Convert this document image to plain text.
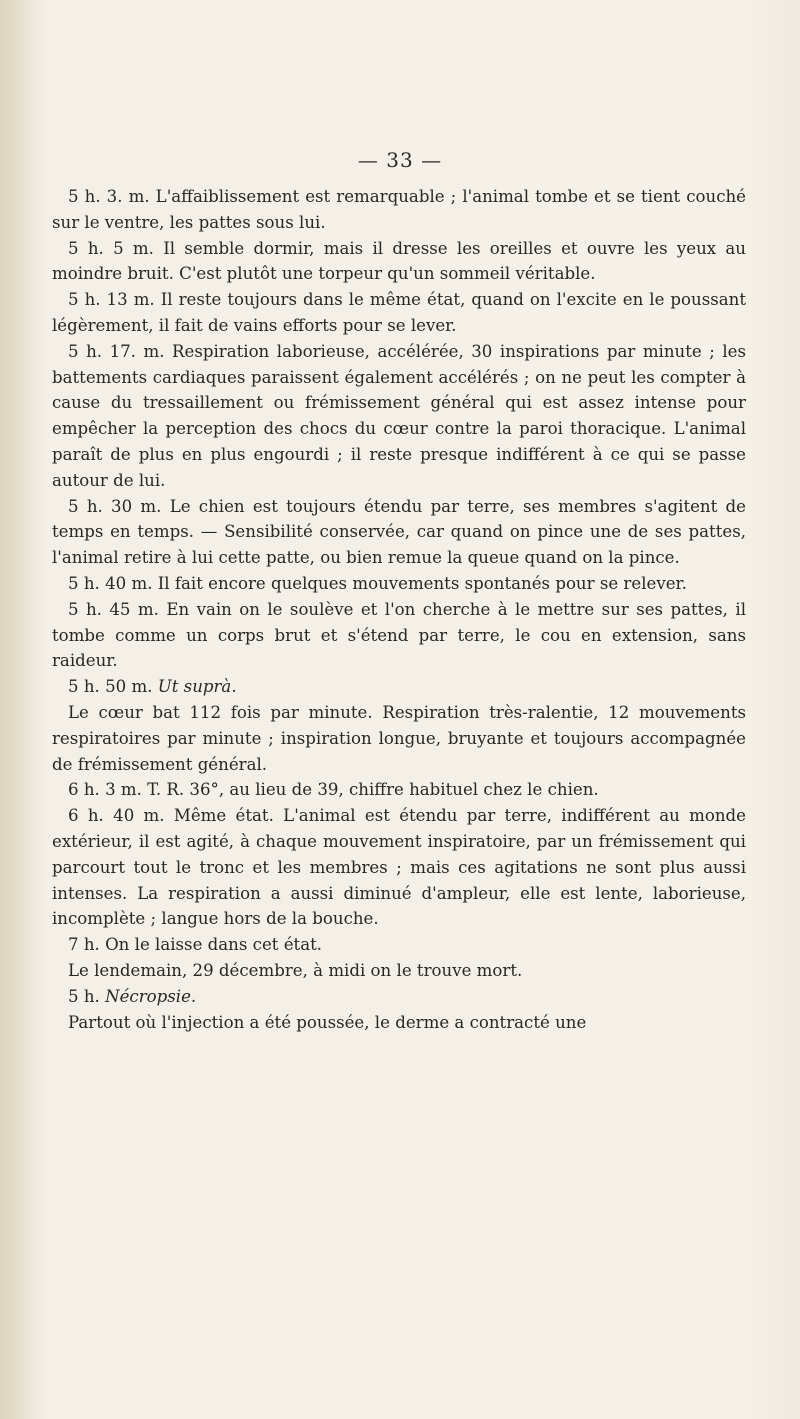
— 33 —

5 h. 3. m. L'affaiblissement est remarquable ; l'animal tombe et se tient couché sur le ventre, les pattes sous lui.

5 h. 5 m. Il semble dormir, mais il dresse les oreilles et ouvre les yeux au moindre bruit. C'est plutôt une torpeur qu'un sommeil véritable.

5 h. 13 m. Il reste toujours dans le même état, quand on l'excite en le poussant légèrement, il fait de vains efforts pour se lever.

5 h. 17. m. Respiration laborieuse, accélérée, 30 inspirations par minute ; les battements cardiaques paraissent également accélérés ; on ne peut les compter à cause du tressaillement ou frémissement général qui est assez intense pour empêcher la perception des chocs du cœur contre la paroi thoracique. L'animal paraît de plus en plus engourdi ; il reste presque indifférent à ce qui se passe autour de lui.

5 h. 30 m. Le chien est toujours étendu par terre, ses membres s'agitent de temps en temps. — Sensibilité conservée, car quand on pince une de ses pattes, l'animal retire à lui cette patte, ou bien remue la queue quand on la pince.

5 h. 40 m. Il fait encore quelques mouvements spontanés pour se relever.

5 h. 45 m. En vain on le soulève et l'on cherche à le mettre sur ses pattes, il tombe comme un corps brut et s'étend par terre, le cou en extension, sans raideur.

5 h. 50 m. Ut suprà.

Le cœur bat 112 fois par minute. Respiration très-ralentie, 12 mouvements respiratoires par minute ; inspiration longue, bruyante et toujours accompagnée de frémissement général.

6 h. 3 m. T. R. 36°, au lieu de 39, chiffre habituel chez le chien.

6 h. 40 m. Même état. L'animal est étendu par terre, indifférent au monde extérieur, il est agité, à chaque mouvement inspiratoire, par un frémissement qui parcourt tout le tronc et les membres ; mais ces agitations ne sont plus aussi intenses. La respiration a aussi diminué d'ampleur, elle est lente, laborieuse, incomplète ; langue hors de la bouche.

7 h. On le laisse dans cet état.

Le lendemain, 29 décembre, à midi on le trouve mort.

5 h. Nécropsie.

Partout où l'injection a été poussée, le derme a contracté une
